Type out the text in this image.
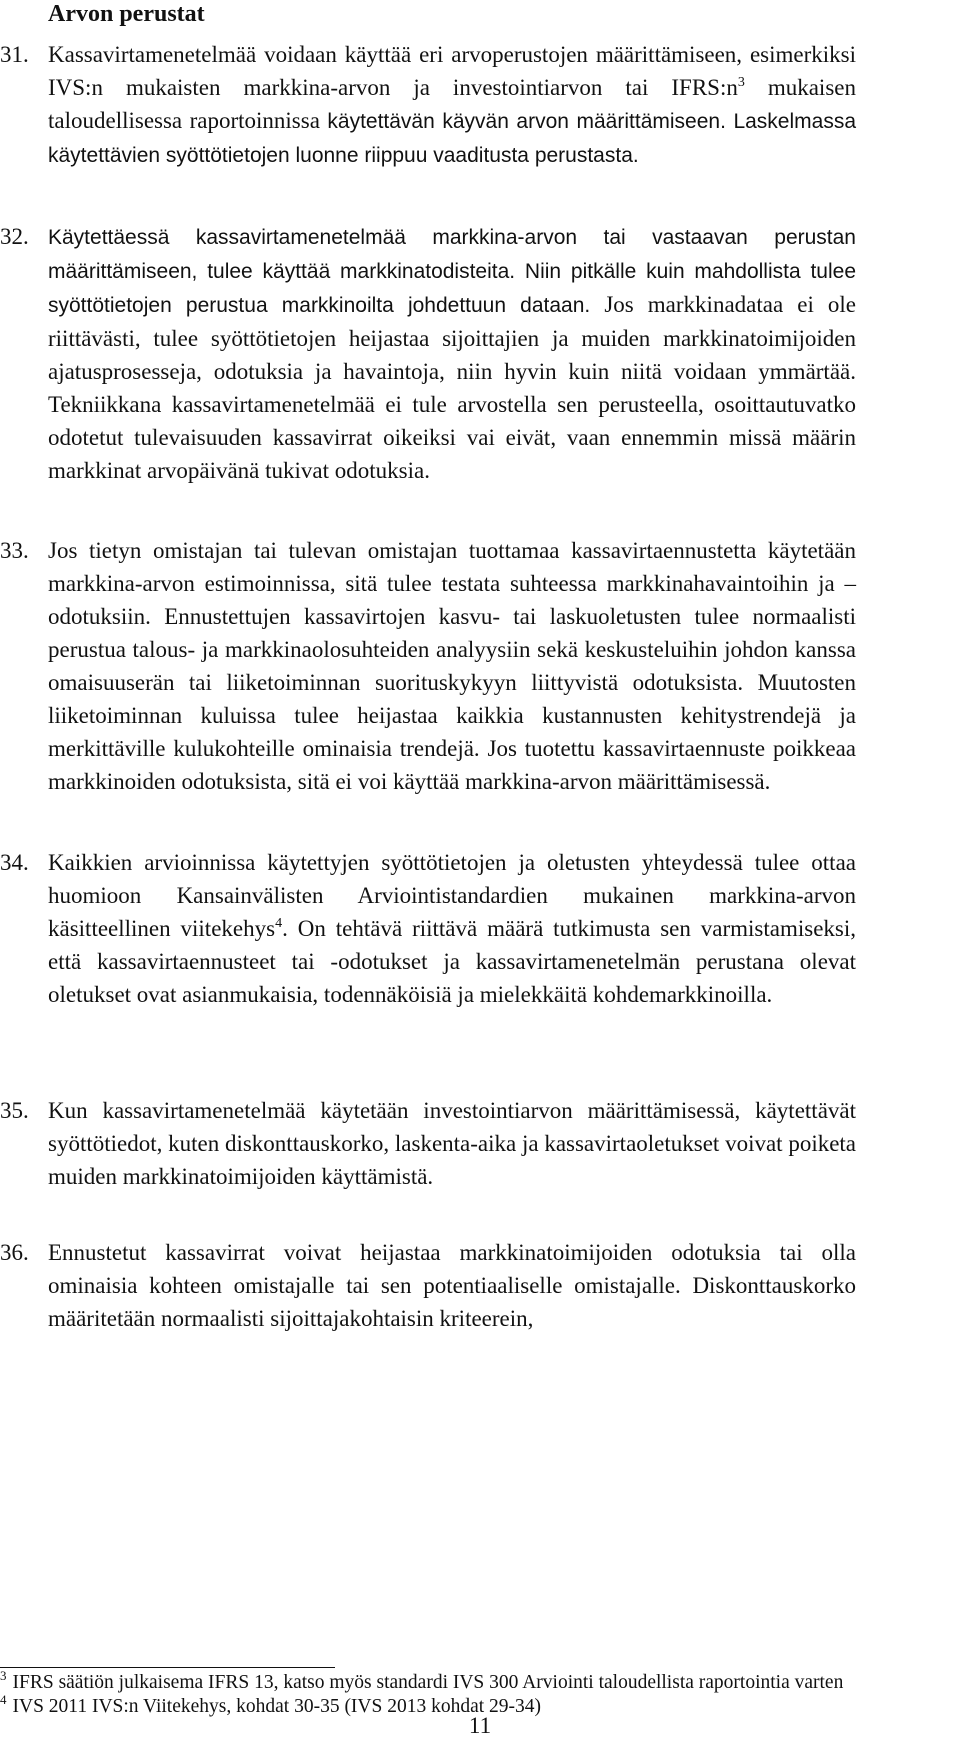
Arvon perustat

31. Kassavirtamenetelmää voidaan käyttää eri arvoperustojen määrittämiseen, esimerkiksi IVS:n mukaisten markkina-arvon ja investointiarvon tai $IFRS:n^3$ mukaisen taloudellisessa raportoinnissa käytettävän käyvän arvon määrittämiseen. Laskelmassa käytettävien syöttötietojen luonne riippuu vaaditusta perustasta.

32. Käytettäessä kassavirtamenetelmää markkina-arvon tai vastaavan perustan määrittämiseen, tulee käyttää markkinatodisteita. Niin pitkälle kuin mahdollista tulee syöttötietojen perustua markkinoilta johdettuun dataan. Jos markkinadataa ei ole riittävästi, tulee syöttötietojen heijastaa sijoittajien ja muiden markkinatoimijoiden ajatusprosesseja, odotuksia ja havaintoja, niin hyvin kuin niitä voidaan ymmärtää. Tekniikkana kassavirtamenetelmää ei tule arvostella sen perusteella, osoittautuvatko odotetut tulevaisuuden kassavirrat oikeiksi vai eivät, vaan ennemmin missä määrin markkinat arvopäivänä tukivat odotuksia.

33. Jos tietyn omistajan tai tulevan omistajan tuottamaa kassavirtaennustetta käytetään markkina-arvon estimoinnissa, sitä tulee testata suhteessa markkinahavaintoihin ja –odotuksiin. Ennustettujen kassavirtojen kasvu- tai laskuoletusten tulee normaalisti perustua talous- ja markkinaolosuhteiden analyysiin sekä keskusteluihin johdon kanssa omaisuuserän tai liiketoiminnan suorituskykyyn liittyvistä odotuksista. Muutosten liiketoiminnan kuluissa tulee heijastaa kaikkia kustannusten kehitystrendejä ja merkittäville kulukohteille ominaisia trendejä. Jos tuotettu kassavirtaennuste poikkeaa markkinoiden odotuksista, sitä ei voi käyttää markkina-arvon määrittämisessä.

34. Kaikkien arvioinnissa käytettyjen syöttötietojen ja oletusten yhteydessä tulee ottaa huomioon Kansainvälisten Arviointistandardien mukainen markkina-arvon käsitteellinen viitekehys$^4$. On tehtävä riittävä määrä tutkimusta sen varmistamiseksi, että kassavirtaennusteet tai -odotukset ja kassavirtamenetelmän perustana olevat oletukset ovat asianmukaisia, todennäköisiä ja mielekkäitä kohdemarkkinoilla.

35. Kun kassavirtamenetelmää käytetään investointiarvon määrittämisessä, käytettävät syöttötiedot, kuten diskonttauskorko, laskenta-aika ja kassavirtaoletukset voivat poiketa muiden markkinatoimijoiden käyttämistä.

36. Ennustetut kassavirrat voivat heijastaa markkinatoimijoiden odotuksia tai olla ominaisia kohteen omistajalle tai sen potentiaaliselle omistajalle. Diskonttauskorko määritetään normaalisti sijoittajakohtaisin kriteerein,

$^3$ IFRS säätiön julkaisema IFRS 13, katso myös standardi IVS 300 Arviointi taloudellista raportointia varten

$^4$ IVS 2011 IVS:n Viitekehys, kohdat 30-35 (IVS 2013 kohdat 29-34)

11
